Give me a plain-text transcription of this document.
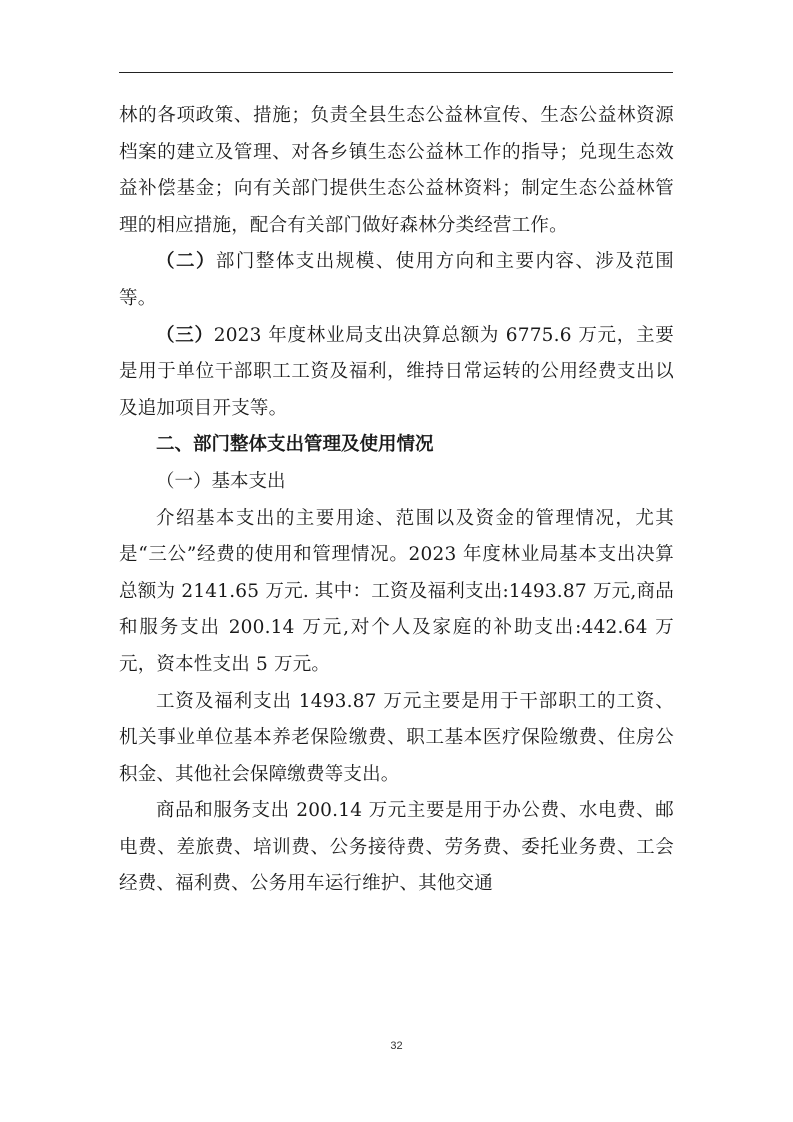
林的各项政策、措施；负责全县生态公益林宣传、生态公益林资源档案的建立及管理、对各乡镇生态公益林工作的指导；兑现生态效益补偿基金；向有关部门提供生态公益林资料；制定生态公益林管理的相应措施，配合有关部门做好森林分类经营工作。

（二）部门整体支出规模、使用方向和主要内容、涉及范围等。

（三）2023 年度林业局支出决算总额为 6775.6 万元，主要是用于单位干部职工工资及福利，维持日常运转的公用经费支出以及追加项目开支等。

二、部门整体支出管理及使用情况

（一）基本支出

介绍基本支出的主要用途、范围以及资金的管理情况，尤其是“三公”经费的使用和管理情况。2023 年度林业局基本支出决算总额为 2141.65 万元. 其中：工资及福利支出:1493.87 万元,商品和服务支出 200.14 万元,对个人及家庭的补助支出:442.64 万元，资本性支出 5 万元。

工资及福利支出 1493.87 万元主要是用于干部职工的工资、机关事业单位基本养老保险缴费、职工基本医疗保险缴费、住房公积金、其他社会保障缴费等支出。

商品和服务支出 200.14 万元主要是用于办公费、水电费、邮电费、差旅费、培训费、公务接待费、劳务费、委托业务费、工会经费、福利费、公务用车运行维护、其他交通

32
